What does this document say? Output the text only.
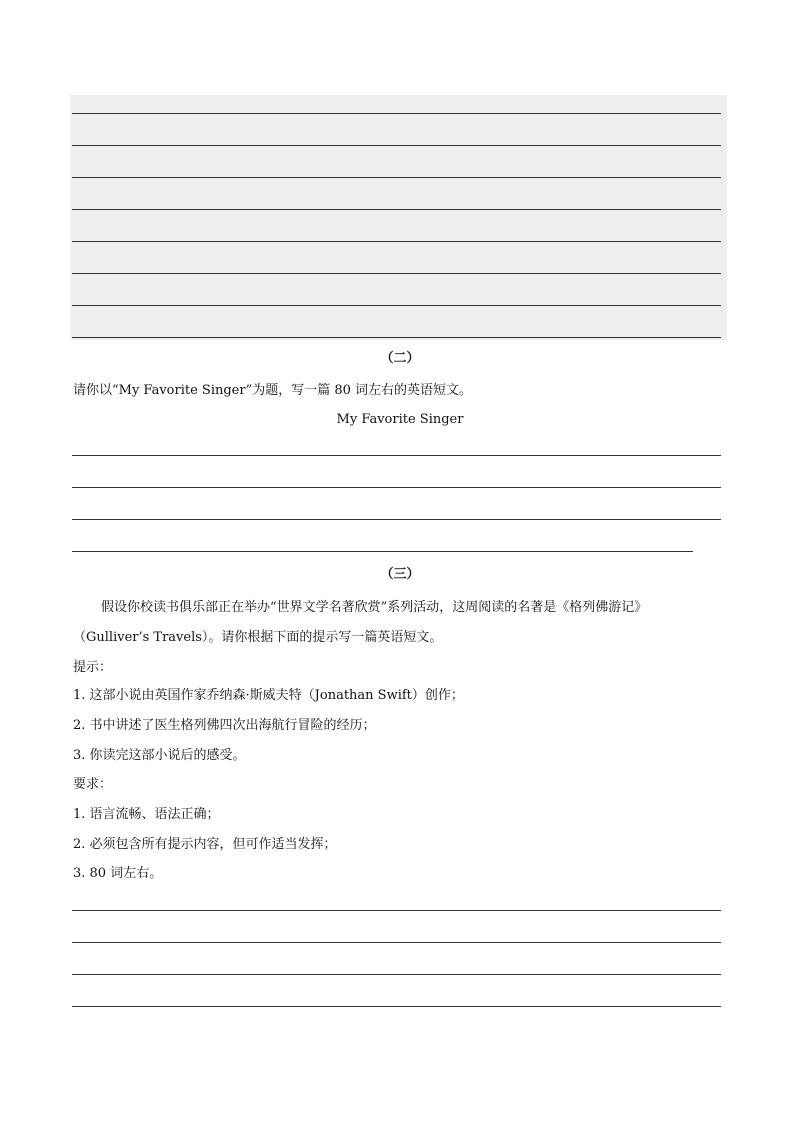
（二）
请你以“My Favorite Singer”为题，写一篇 80 词左右的英语短文。
My Favorite Singer
（三）
假设你校读书俱乐部正在举办“世界文学名著欣赏”系列活动，这周阅读的名著是《格列佛游记》
（Gulliver’s Travels）。请你根据下面的提示写一篇英语短文。
提示：
1. 这部小说由英国作家乔纳森·斯威夫特（Jonathan Swift）创作；
2. 书中讲述了医生格列佛四次出海航行冒险的经历；
3. 你读完这部小说后的感受。
要求：
1. 语言流畅、语法正确；
2. 必须包含所有提示内容，但可作适当发挥；
3. 80 词左右。
